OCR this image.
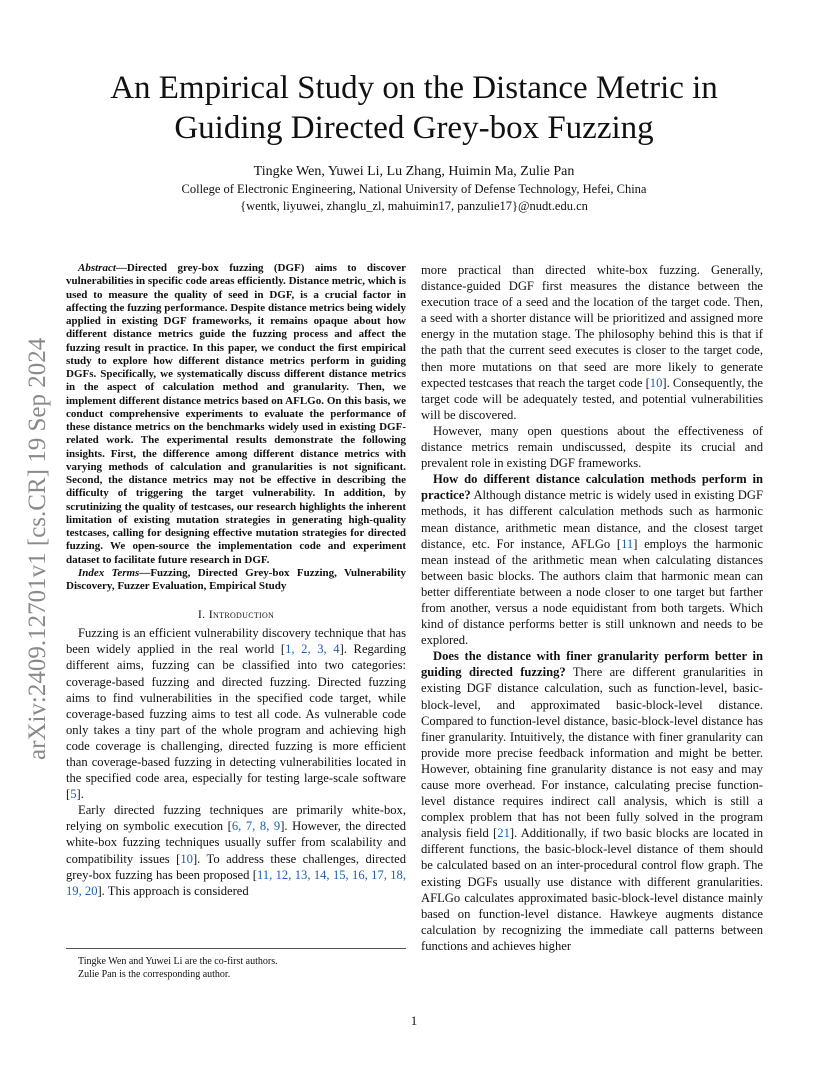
An Empirical Study on the Distance Metric in Guiding Directed Grey-box Fuzzing
Tingke Wen, Yuwei Li, Lu Zhang, Huimin Ma, Zulie Pan
College of Electronic Engineering, National University of Defense Technology, Hefei, China
{wentk, liyuwei, zhanglu_zl, mahuimin17, panzulie17}@nudt.edu.cn
arXiv:2409.12701v1 [cs.CR] 19 Sep 2024

Abstract—Directed grey-box fuzzing (DGF) aims to discover vulnerabilities in specific code areas efficiently. Distance metric, which is used to measure the quality of seed in DGF, is a crucial factor in affecting the fuzzing performance. Despite distance metrics being widely applied in existing DGF frameworks, it remains opaque about how different distance metrics guide the fuzzing process and affect the fuzzing result in practice. In this paper, we conduct the first empirical study to explore how different distance metrics perform in guiding DGFs. Specifically, we systematically discuss different distance metrics in the aspect of calculation method and granularity. Then, we implement different distance metrics based on AFLGo. On this basis, we conduct comprehensive experiments to evaluate the performance of these distance metrics on the benchmarks widely used in existing DGF-related work. The experimental results demonstrate the following insights. First, the difference among different distance metrics with varying methods of calculation and granularities is not significant. Second, the distance metrics may not be effective in describing the difficulty of triggering the target vulnerability. In addition, by scrutinizing the quality of testcases, our research highlights the inherent limitation of existing mutation strategies in generating high-quality testcases, calling for designing effective mutation strategies for directed fuzzing. We open-source the implementation code and experiment dataset to facilitate future research in DGF.

Index Terms—Fuzzing, Directed Grey-box Fuzzing, Vulnerability Discovery, Fuzzer Evaluation, Empirical Study

I. Introduction

Fuzzing is an efficient vulnerability discovery technique that has been widely applied in the real world [1, 2, 3, 4]. Regarding different aims, fuzzing can be classified into two categories: coverage-based fuzzing and directed fuzzing. Directed fuzzing aims to find vulnerabilities in the specified code target, while coverage-based fuzzing aims to test all code. As vulnerable code only takes a tiny part of the whole program and achieving high code coverage is challenging, directed fuzzing is more efficient than coverage-based fuzzing in detecting vulnerabilities located in the specified code area, especially for testing large-scale software [5].

Early directed fuzzing techniques are primarily white-box, relying on symbolic execution [6, 7, 8, 9]. However, the directed white-box fuzzing techniques usually suffer from scalability and compatibility issues [10]. To address these challenges, directed grey-box fuzzing has been proposed [11, 12, 13, 14, 15, 16, 17, 18, 19, 20]. This approach is considered

Tingke Wen and Yuwei Li are the co-first authors.

Zulie Pan is the corresponding author.

more practical than directed white-box fuzzing. Generally, distance-guided DGF first measures the distance between the execution trace of a seed and the location of the target code. Then, a seed with a shorter distance will be prioritized and assigned more energy in the mutation stage. The philosophy behind this is that if the path that the current seed executes is closer to the target code, then more mutations on that seed are more likely to generate expected testcases that reach the target code [10]. Consequently, the target code will be adequately tested, and potential vulnerabilities will be discovered.

However, many open questions about the effectiveness of distance metrics remain undiscussed, despite its crucial and prevalent role in existing DGF frameworks.

How do different distance calculation methods perform in practice? Although distance metric is widely used in existing DGF methods, it has different calculation methods such as harmonic mean distance, arithmetic mean distance, and the closest target distance, etc. For instance, AFLGo [11] employs the harmonic mean instead of the arithmetic mean when calculating distances between basic blocks. The authors claim that harmonic mean can better differentiate between a node closer to one target but farther from another, versus a node equidistant from both targets. Which kind of distance performs better is still unknown and needs to be explored.

Does the distance with finer granularity perform better in guiding directed fuzzing? There are different granularities in existing DGF distance calculation, such as function-level, basic-block-level, and approximated basic-block-level distance. Compared to function-level distance, basic-block-level distance has finer granularity. Intuitively, the distance with finer granularity can provide more precise feedback information and might be better. However, obtaining fine granularity distance is not easy and may cause more overhead. For instance, calculating precise function-level distance requires indirect call analysis, which is still a complex problem that has not been fully solved in the program analysis field [21]. Additionally, if two basic blocks are located in different functions, the basic-block-level distance of them should be calculated based on an inter-procedural control flow graph. The existing DGFs usually use distance with different granularities. AFLGo calculates approximated basic-block-level distance mainly based on function-level distance. Hawkeye augments distance calculation by recognizing the immediate call patterns between functions and achieves higher

1
